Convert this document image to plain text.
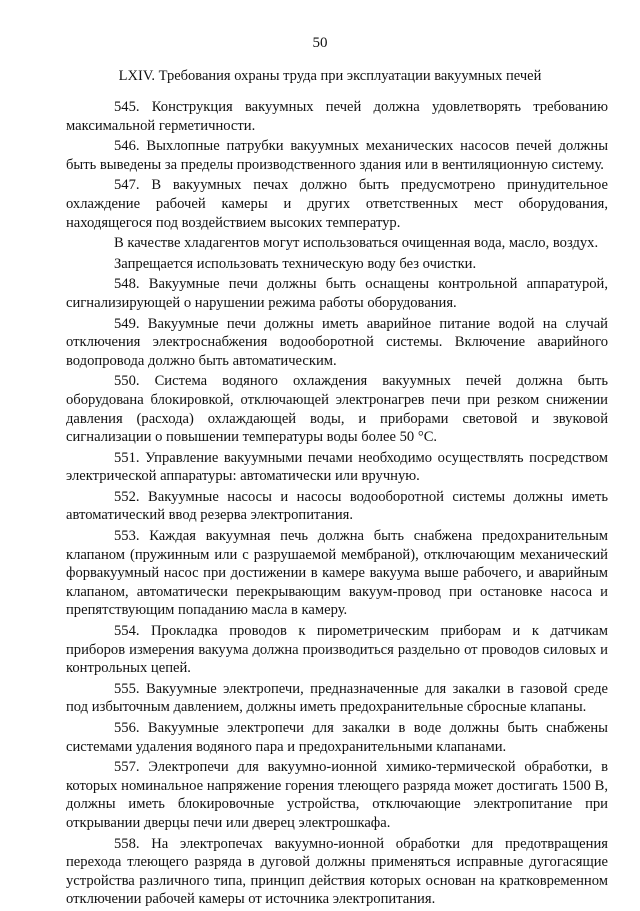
50
LXIV. Требования охраны труда при эксплуатации вакуумных печей

545. Конструкция вакуумных печей должна удовлетворять требованию максимальной герметичности.

546. Выхлопные патрубки вакуумных механических насосов печей должны быть выведены за пределы производственного здания или в вентиляционную систему.

547. В вакуумных печах должно быть предусмотрено принудительное охлаждение рабочей камеры и других ответственных мест оборудования, находящегося под воздействием высоких температур.

В качестве хладагентов могут использоваться очищенная вода, масло, воздух.

Запрещается использовать техническую воду без очистки.

548. Вакуумные печи должны быть оснащены контрольной аппаратурой, сигнализирующей о нарушении режима работы оборудования.

549. Вакуумные печи должны иметь аварийное питание водой на случай отключения электроснабжения водооборотной системы. Включение аварийного водопровода должно быть автоматическим.

550. Система водяного охлаждения вакуумных печей должна быть оборудована блокировкой, отключающей электронагрев печи при резком снижении давления (расхода) охлаждающей воды, и приборами световой и звуковой сигнализации о повышении температуры воды более 50 °С.

551. Управление вакуумными печами необходимо осуществлять посредством электрической аппаратуры: автоматически или вручную.

552. Вакуумные насосы и насосы водооборотной системы должны иметь автоматический ввод резерва электропитания.

553. Каждая вакуумная печь должна быть снабжена предохранительным клапаном (пружинным или с разрушаемой мембраной), отключающим механический форвакуумный насос при достижении в камере вакуума выше рабочего, и аварийным клапаном, автоматически перекрывающим вакуум-провод при остановке насоса и препятствующим попаданию масла в камеру.

554. Прокладка проводов к пирометрическим приборам и к датчикам приборов измерения вакуума должна производиться раздельно от проводов силовых и контрольных цепей.

555. Вакуумные электропечи, предназначенные для закалки в газовой среде под избыточным давлением, должны иметь предохранительные сбросные клапаны.

556. Вакуумные электропечи для закалки в воде должны быть снабжены системами удаления водяного пара и предохранительными клапанами.

557. Электропечи для вакуумно-ионной химико-термической обработки, в которых номинальное напряжение горения тлеющего разряда может достигать 1500 В, должны иметь блокировочные устройства, отключающие электропитание при открывании дверцы печи или дверец электрошкафа.

558. На электропечах вакуумно-ионной обработки для предотвращения перехода тлеющего разряда в дуговой должны применяться исправные дугогасящие устройства различного типа, принцип действия которых основан на кратковременном отключении рабочей камеры от источника электропитания.
